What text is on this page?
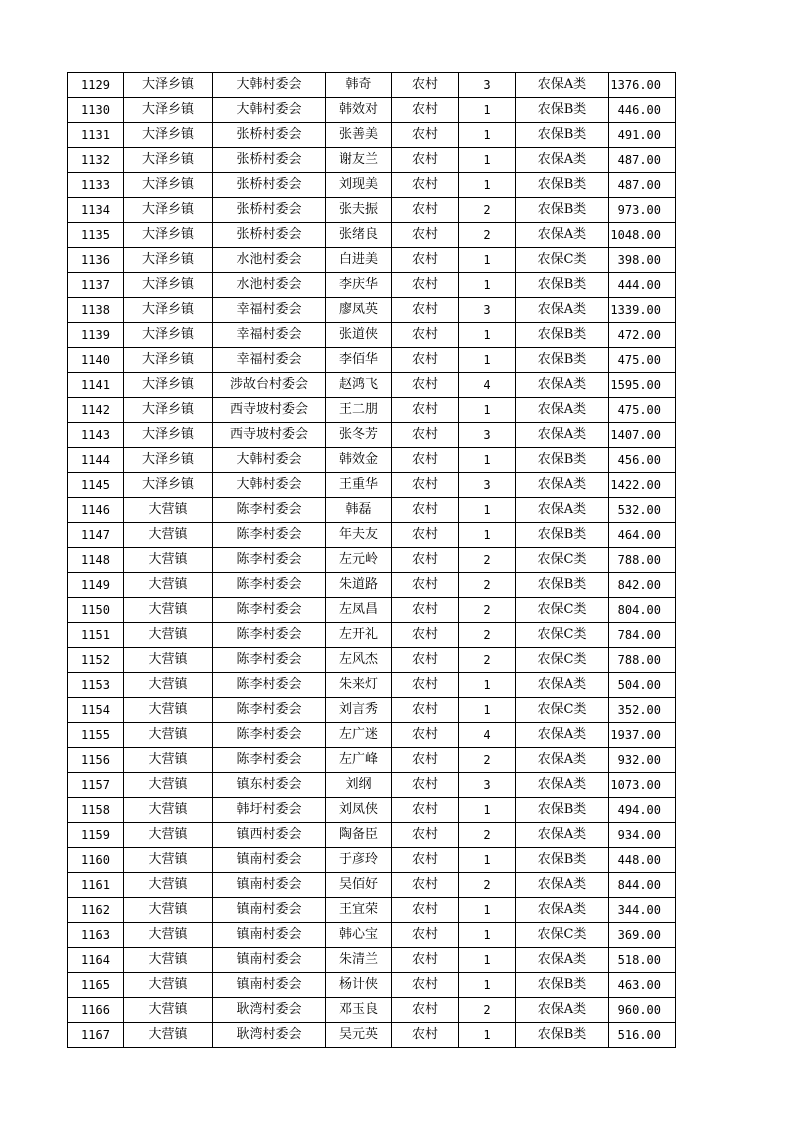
1129	大泽乡镇	大韩村委会	韩奇	农村	3	农保A类	1376.00
1130	大泽乡镇	大韩村委会	韩效对	农村	1	农保B类	446.00
1131	大泽乡镇	张桥村委会	张善美	农村	1	农保B类	491.00
1132	大泽乡镇	张桥村委会	谢友兰	农村	1	农保A类	487.00
1133	大泽乡镇	张桥村委会	刘现美	农村	1	农保B类	487.00
1134	大泽乡镇	张桥村委会	张夫振	农村	2	农保B类	973.00
1135	大泽乡镇	张桥村委会	张绪良	农村	2	农保A类	1048.00
1136	大泽乡镇	水池村委会	白进美	农村	1	农保C类	398.00
1137	大泽乡镇	水池村委会	李庆华	农村	1	农保B类	444.00
1138	大泽乡镇	幸福村委会	廖凤英	农村	3	农保A类	1339.00
1139	大泽乡镇	幸福村委会	张道侠	农村	1	农保B类	472.00
1140	大泽乡镇	幸福村委会	李佰华	农村	1	农保B类	475.00
1141	大泽乡镇	涉故台村委会	赵鸿飞	农村	4	农保A类	1595.00
1142	大泽乡镇	西寺坡村委会	王二朋	农村	1	农保A类	475.00
1143	大泽乡镇	西寺坡村委会	张冬芳	农村	3	农保A类	1407.00
1144	大泽乡镇	大韩村委会	韩效金	农村	1	农保B类	456.00
1145	大泽乡镇	大韩村委会	王重华	农村	3	农保A类	1422.00
1146	大营镇	陈李村委会	韩磊	农村	1	农保A类	532.00
1147	大营镇	陈李村委会	年夫友	农村	1	农保B类	464.00
1148	大营镇	陈李村委会	左元岭	农村	2	农保C类	788.00
1149	大营镇	陈李村委会	朱道路	农村	2	农保B类	842.00
1150	大营镇	陈李村委会	左凤昌	农村	2	农保C类	804.00
1151	大营镇	陈李村委会	左开礼	农村	2	农保C类	784.00
1152	大营镇	陈李村委会	左风杰	农村	2	农保C类	788.00
1153	大营镇	陈李村委会	朱来灯	农村	1	农保A类	504.00
1154	大营镇	陈李村委会	刘言秀	农村	1	农保C类	352.00
1155	大营镇	陈李村委会	左广迷	农村	4	农保A类	1937.00
1156	大营镇	陈李村委会	左广峰	农村	2	农保A类	932.00
1157	大营镇	镇东村委会	刘纲	农村	3	农保A类	1073.00
1158	大营镇	韩圩村委会	刘凤侠	农村	1	农保B类	494.00
1159	大营镇	镇西村委会	陶备臣	农村	2	农保A类	934.00
1160	大营镇	镇南村委会	于彦玲	农村	1	农保B类	448.00
1161	大营镇	镇南村委会	吴佰好	农村	2	农保A类	844.00
1162	大营镇	镇南村委会	王宜荣	农村	1	农保A类	344.00
1163	大营镇	镇南村委会	韩心宝	农村	1	农保C类	369.00
1164	大营镇	镇南村委会	朱清兰	农村	1	农保A类	518.00
1165	大营镇	镇南村委会	杨计侠	农村	1	农保B类	463.00
1166	大营镇	耿湾村委会	邓玉良	农村	2	农保A类	960.00
1167	大营镇	耿湾村委会	吴元英	农村	1	农保B类	516.00
